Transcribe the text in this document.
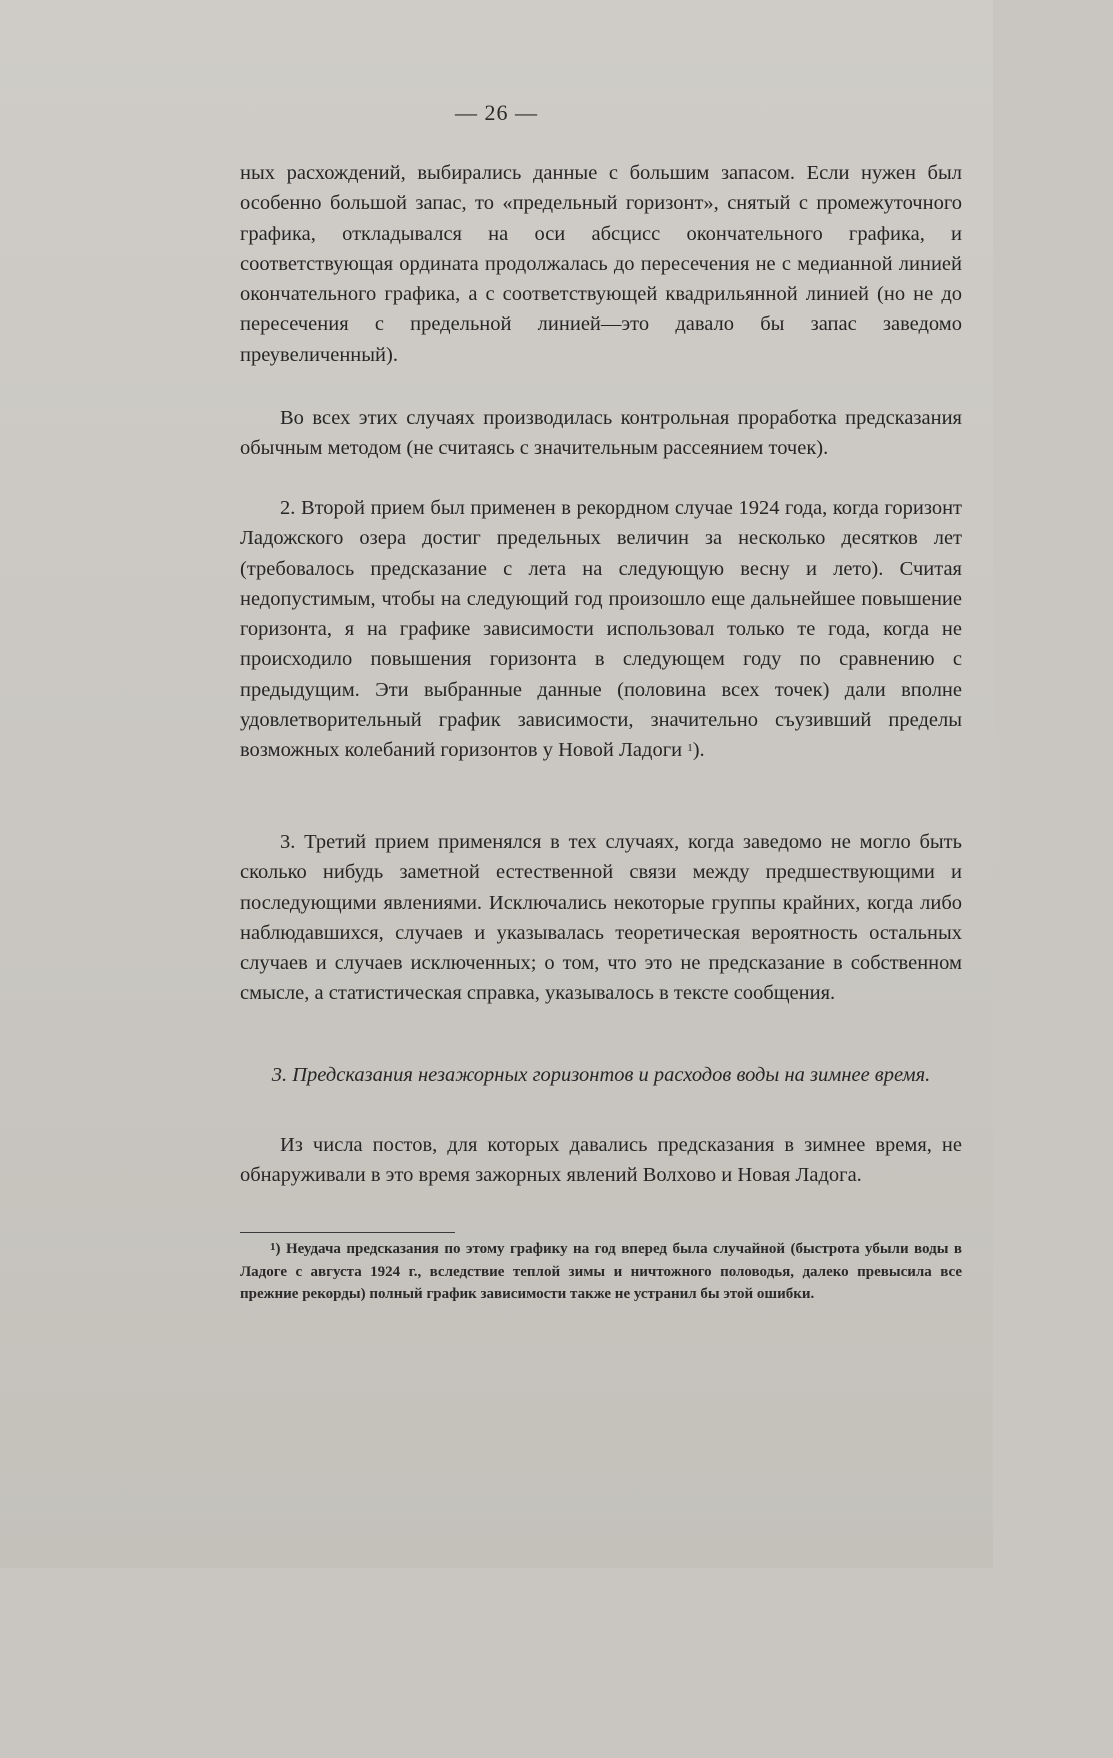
— 26 —

ных расхождений, выбирались данные с большим запасом. Если нужен был особенно большой запас, то «предельный горизонт», снятый с промежуточного графика, откладывался на оси абсцисс окончательного графика, и соответствующая ордината продолжалась до пересечения не с медианной линией окончательного графика, а с соответствующей квадрильянной линией (но не до пересечения с предельной линией—это давало бы запас заведомо преувеличенный).

Во всех этих случаях производилась контрольная проработка предсказания обычным методом (не считаясь с значительным рассеянием точек).

2. Второй прием был применен в рекордном случае 1924 года, когда горизонт Ладожского озера достиг предельных величин за несколько десятков лет (требовалось предсказание с лета на следующую весну и лето). Считая недопустимым, чтобы на следующий год произошло еще дальнейшее повышение горизонта, я на графике зависимости использовал только те года, когда не происходило повышения горизонта в следующем году по сравнению с предыдущим. Эти выбранные данные (половина всех точек) дали вполне удовлетворительный график зависимости, значительно съузивший пределы возможных колебаний горизонтов у Новой Ладоги $^1$).

3. Третий прием применялся в тех случаях, когда заведомо не могло быть сколько нибудь заметной естественной связи между предшествующими и последующими явлениями. Исключались некоторые группы крайних, когда либо наблюдавшихся, случаев и указывалась теоретическая вероятность остальных случаев и случаев исключенных; о том, что это не предсказание в собственном смысле, а статистическая справка, указывалось в тексте сообщения.

3. Предсказания незажорных горизонтов и расходов воды на зимнее время.

Из числа постов, для которых давались предсказания в зимнее время, не обнаруживали в это время зажорных явлений Волхово и Новая Ладога.

$^1$) Неудача предсказания по этому графику на год вперед была случайной (быстрота убыли воды в Ладоге с августа 1924 г., вследствие теплой зимы и ничтожного половодья, далеко превысила все прежние рекорды) полный график зависимости также не устранил бы этой ошибки.
